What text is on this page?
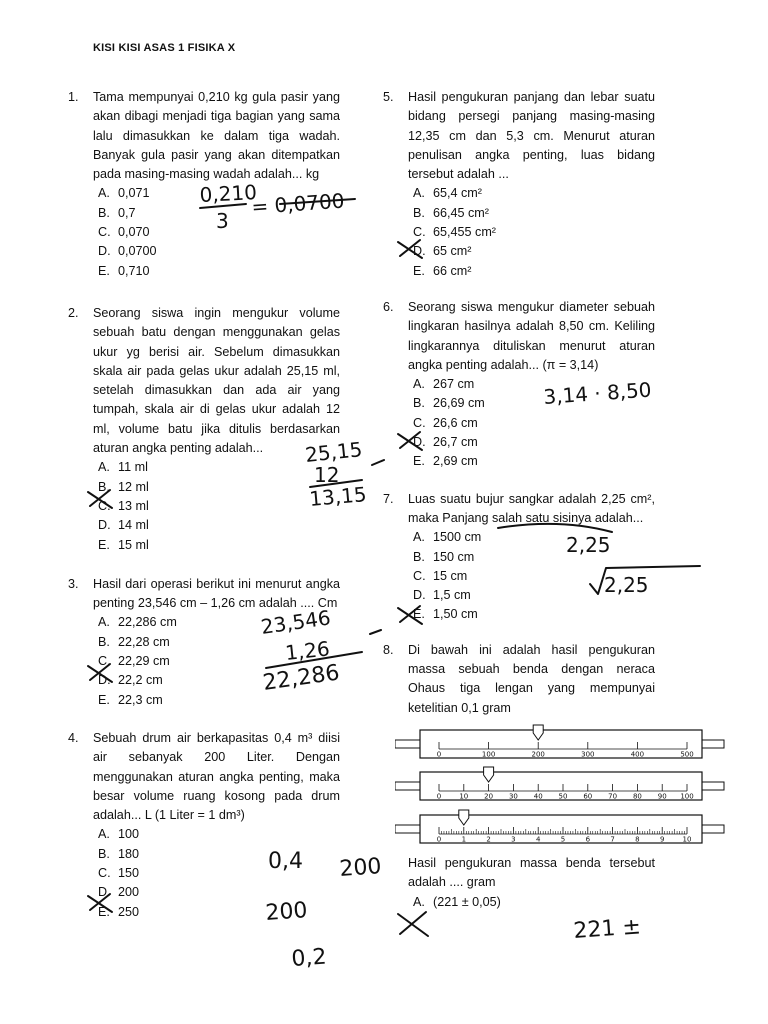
KISI KISI ASAS 1 FISIKA X
1. Tama mempunyai 0,210 kg gula pasir yang akan dibagi menjadi tiga bagian yang sama lalu dimasukkan ke dalam tiga wadah. Banyak gula pasir yang akan ditempatkan pada masing-masing wadah adalah... kg
A. 0,071
B. 0,7
C. 0,070
D. 0,0700
E. 0,710
2. Seorang siswa ingin mengukur volume sebuah batu dengan menggunakan gelas ukur yg berisi air. Sebelum dimasukkan skala air pada gelas ukur adalah 25,15 ml, setelah dimasukkan dan ada air yang tumpah, skala air di gelas ukur adalah 12 ml, volume batu jika ditulis berdasarkan aturan angka penting adalah...
A. 11 ml
B. 12 ml
C. 13 ml
D. 14 ml
E. 15 ml
3. Hasil dari operasi berikut ini menurut angka penting 23,546 cm – 1,26 cm adalah .... Cm
A. 22,286 cm
B. 22,28 cm
C. 22,29 cm
D. 22,2 cm
E. 22,3 cm
4. Sebuah drum air berkapasitas 0,4 m³ diisi air sebanyak 200 Liter. Dengan menggunakan aturan angka penting, maka besar volume ruang kosong pada drum adalah... L (1 Liter = 1 dm³)
A. 100
B. 180
C. 150
D. 200
E. 250
5. Hasil pengukuran panjang dan lebar suatu bidang persegi panjang masing-masing 12,35 cm dan 5,3 cm. Menurut aturan penulisan angka penting, luas bidang tersebut adalah ...
A. 65,4 cm²
B. 66,45 cm²
C. 65,455 cm²
D. 65 cm²
E. 66 cm²
6. Seorang siswa mengukur diameter sebuah lingkaran hasilnya adalah 8,50 cm. Keliling lingkarannya dituliskan menurut aturan angka penting adalah... (π = 3,14)
A. 267 cm
B. 26,69 cm
C. 26,6 cm
D. 26,7 cm
E. 2,69 cm
7. Luas suatu bujur sangkar adalah 2,25 cm², maka Panjang salah satu sisinya adalah...
A. 1500 cm
B. 150 cm
C. 15 cm
D. 1,5 cm
E. 1,50 cm
8. Di bawah ini adalah hasil pengukuran massa sebuah benda dengan neraca Ohaus tiga lengan yang mempunyai ketelitian 0,1 gram
0	100	200	300	400	500
0	10 20 30 40 50 60 70 80 90 100
0	1	2	3	4	5	6	7	8	9	10
Hasil pengukuran massa benda tersebut adalah .... gram
A. (221 ± 0,05)
0,210
3
= 0,0700
25,15
12
13,15
23,546
1,26
22,286
0,4 200
200
0,2
3,14 · 8,50
2,25
2,25
221 ±
